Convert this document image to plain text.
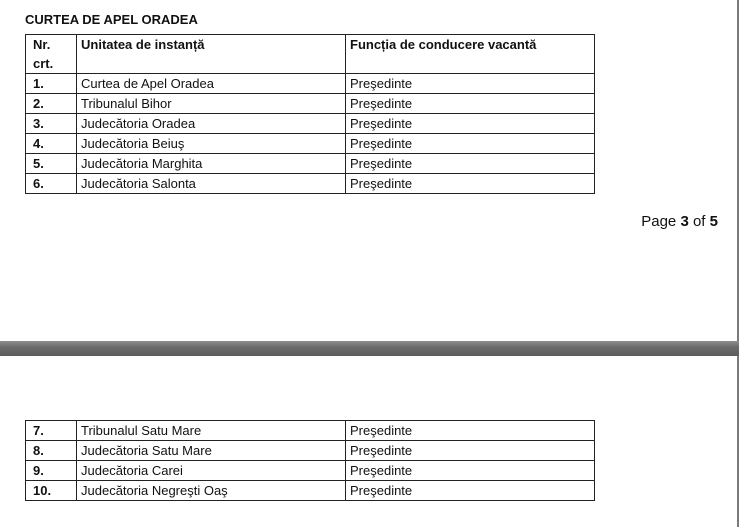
CURTEA DE APEL ORADEA
Nr.
crt.	Unitatea de instanță	Funcția de conducere vacantă
1.	Curtea de Apel Oradea	Preşedinte
2.	Tribunalul Bihor	Preşedinte
3.	Judecătoria Oradea	Preşedinte
4.	Judecătoria Beiuş	Preşedinte
5.	Judecătoria Marghita	Preşedinte
6.	Judecătoria Salonta	Preşedinte
Page 3 of 5
7.	Tribunalul Satu Mare	Preşedinte
8.	Judecătoria Satu Mare	Preşedinte
9.	Judecătoria Carei	Preşedinte
10.	Judecătoria Negreşti Oaş	Preşedinte
